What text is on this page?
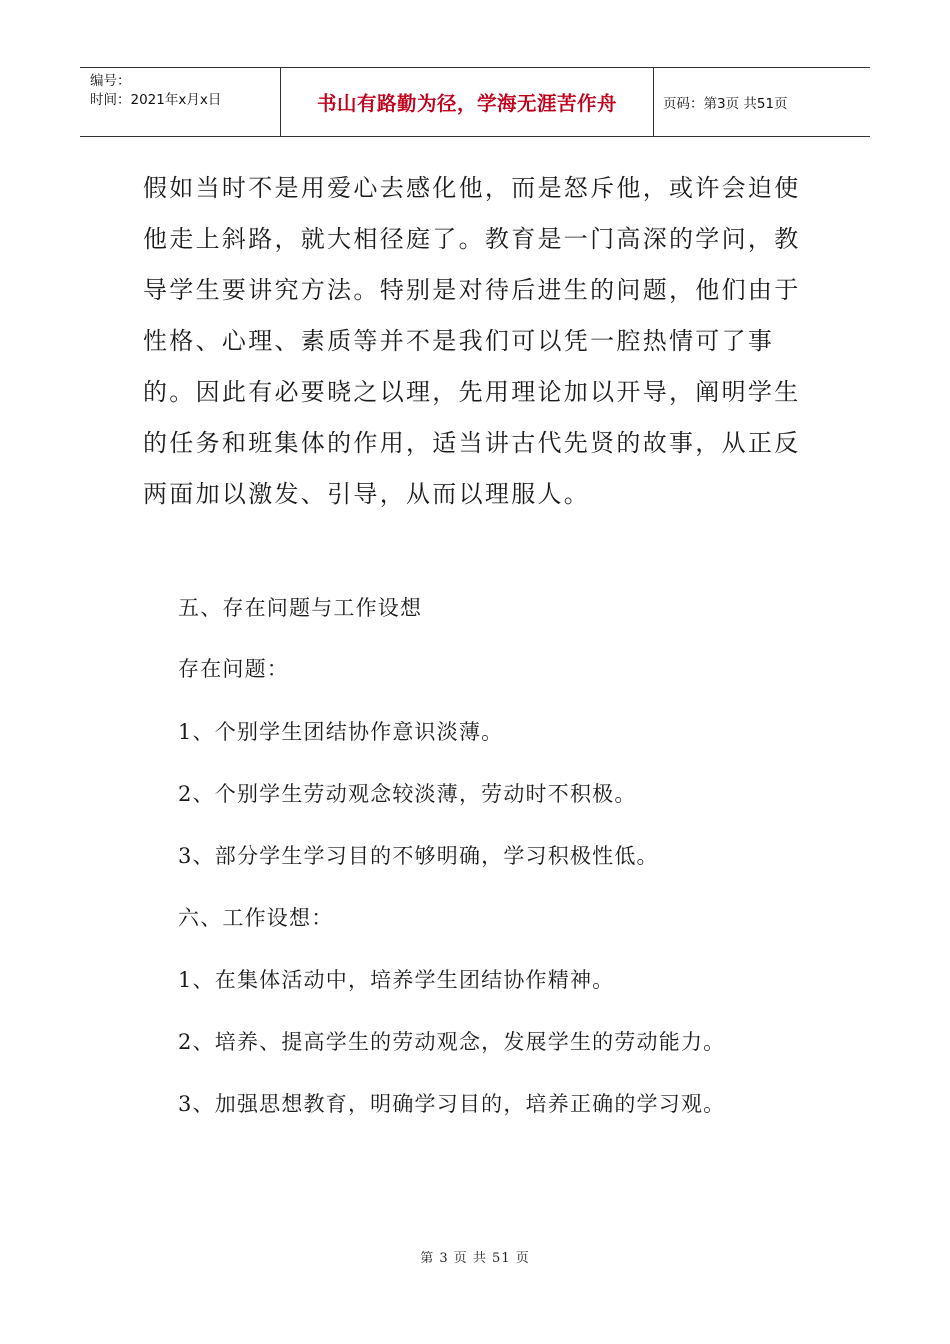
编号：
时间：2021年x月x日	书山有路勤为径，学海无涯苦作舟	页码：第3页 共51页

假如当时不是用爱心去感化他，而是怒斥他，或许会迫使他走上斜路，就大相径庭了。教育是一门高深的学问，教导学生要讲究方法。特别是对待后进生的问题，他们由于性格、心理、素质等并不是我们可以凭一腔热情可了事的。因此有必要晓之以理，先用理论加以开导，阐明学生的任务和班集体的作用，适当讲古代先贤的故事，从正反两面加以激发、引导，从而以理服人。

五、存在问题与工作设想
存在问题：
1、个别学生团结协作意识淡薄。
2、个别学生劳动观念较淡薄，劳动时不积极。
3、部分学生学习目的不够明确，学习积极性低。
六、工作设想：
1、在集体活动中，培养学生团结协作精神。
2、培养、提高学生的劳动观念，发展学生的劳动能力。
3、加强思想教育，明确学习目的，培养正确的学习观。
第 3 页 共 51 页
